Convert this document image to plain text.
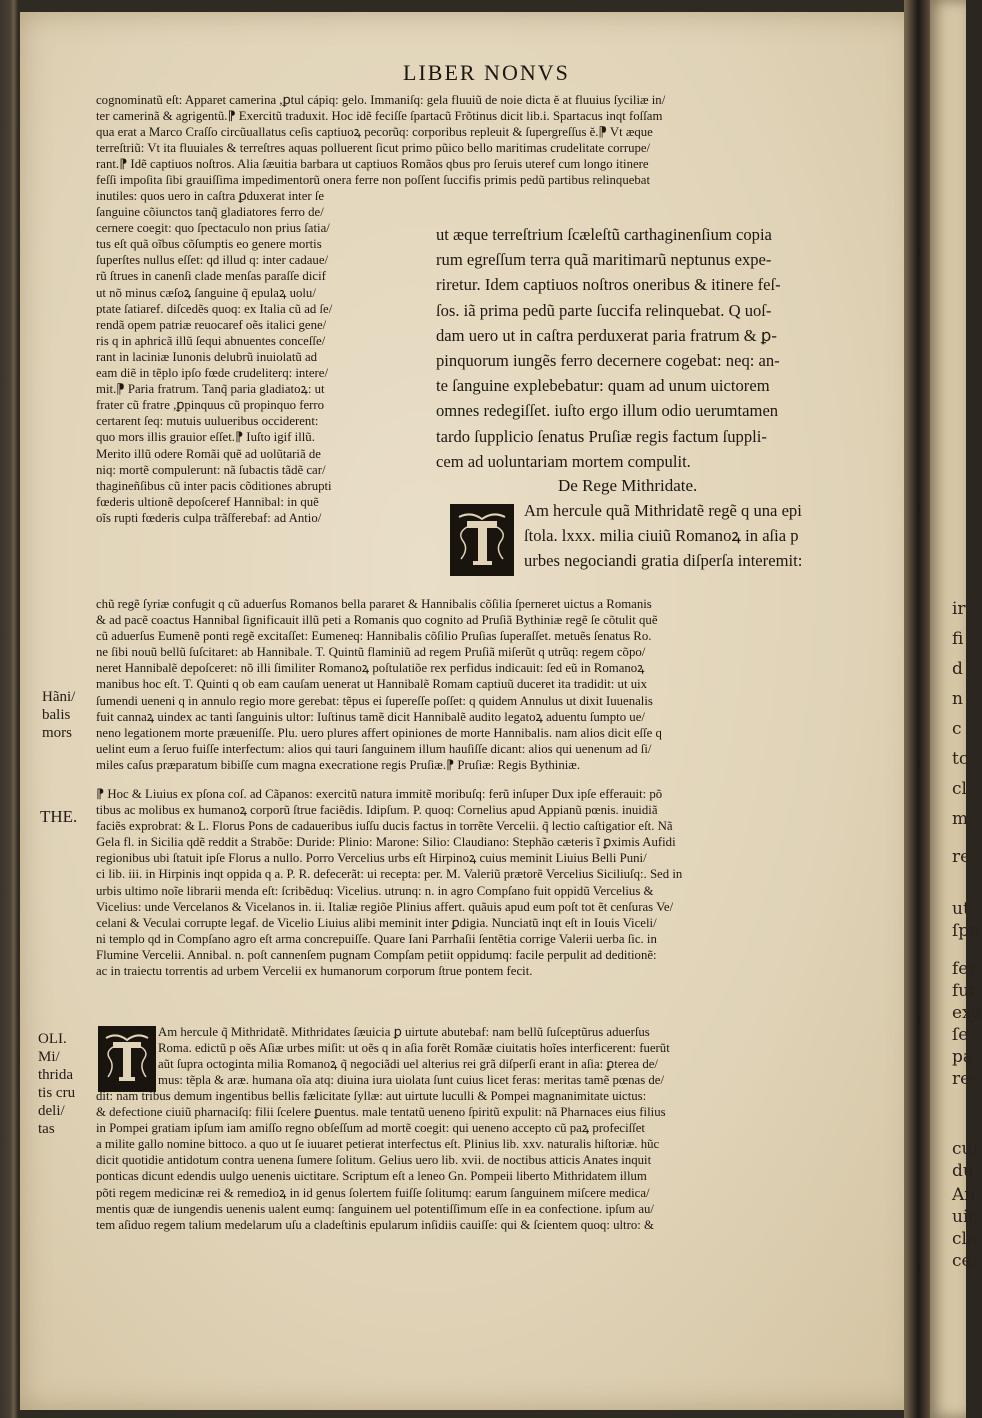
LIBER NONVS
cognominatũ eſt: Apparet camerina ,ꝑtul cápiq: gelo. Immaniſq: gela fluuiũ de noie dicta ĕ at fluuius ſyciliæ in/
ter camerinã & agrigentũ.⁋ Exercitũ traduxit. Hoc idẽ feciſſe ſpartacũ Frõtinus dicit lib.i. Spartacus inqt foſſam
qua erat a Marco Craſſo circũuallatus ceſis captiuoꝝ pecorũq: corporibus repleuit & ſupergreſſus ĕ.⁋ Vt æque
terreſtriũ: Vt ita fluuiales & terreſtres aquas polluerent ſicut primo pũico bello maritimas crudelitate corrupe/
rant.⁋ Idẽ captiuos noſtros. Alia ſæuitia barbara ut captiuos Romãos qbus pro ſeruis uteref cum longo itinere
feſſi impoſita ſibi grauiſſima impedimentorũ onera ferre non poſſent ſuccifis primis pedũ partibus relinquebat
inutiles: quos uero in caſtra ꝑduxerat inter ſe
ſanguine cõiunctos tanq̃ gladiatores ferro de/
cernere coegit: quo ſpectaculo non prius ſatia/
tus eſt quã oĩbus cõſumptis eo genere mortis
ſuperſtes nullus eſſet: qd illud q: inter cadaue/
rũ ſtrues in canenſi clade menſas paraſſe dicif
ut nõ minus cæſoꝝ ſanguine q̃ epulaꝝ uolu/
ptate ſatiaref. diſcedẽs quoq: ex Italia cũ ad ſe/
rendã opem patriæ reuocaref oẽs italici gene/
ris q in aphricã illũ ſequi abnuentes conceſſe/
rant in laciniæ Iunonis delubrũ inuiolatũ ad
eam diẽ in tẽplo ipſo fœde crudeliterq: intere/
mit.⁋ Paria fratrum. Tanq̃ paria gladiatoꝝ: ut
frater cũ fratre ,ꝑpinquus cũ propinquo ferro
certarent ſeq: mutuis uulueribus occiderent:
quo mors illis grauior eſſet.⁋ Iuſto igif illũ.
Merito illũ odere Romãi quẽ ad uolũtariã de
niq: mortẽ compulerunt: nã ſubactis tãdẽ car/
thagineñſibus cũ inter pacis cõditiones abrupti
fœderis ultionẽ depoſceref Hannibal: in quẽ
oĩs rupti fœderis culpa trãſferebaf: ad Antio/
ut æque terreſtrium ſcæleſtũ carthaginenſium copia
rum egreſſum terra quã maritimarũ neptunus expe-
riretur. Idem captiuos noſtros oneribus & itinere feſ-
ſos. iã prima pedũ parte ſuccifa relinquebat. Q uoſ-
dam uero ut in caſtra perduxerat paria fratrum & ꝑ-
pinquorum iungẽs ferro decernere cogebat: neq: an-
te ſanguine explebebatur: quam ad unum uictorem
omnes redegiſſet. iuſto ergo illum odio uerumtamen
tardo ſupplicio ſenatus Pruſiæ regis factum ſuppli-
cem ad uoluntariam mortem compulit.
De Rege Mithridate.
Am hercule quã Mithridatẽ regẽ q una epi
ſtola. lxxx. milia ciuiũ Romanoꝝ in aſia p
urbes negociandi gratia diſperſa interemit:
chũ regẽ ſyriæ confugit q cũ aduerſus Romanos bella pararet & Hannibalis cõſilia ſperneret uictus a Romanis
& ad pacẽ coactus Hannibal ſignificauit illũ peti a Romanis quo cognito ad Pruſiã Bythiniæ regẽ ſe cõtulit quẽ
cũ aduerſus Eumenẽ ponti regẽ excitaſſet: Eumeneq: Hannibalis cõſilio Pruſias ſuperaſſet. metuẽs ſenatus Ro.
ne ſibi nouũ bellũ ſuſcitaret: ab Hannibale. T. Quintũ flaminiũ ad regem Pruſiã miſerũt q utrũq: regem cõpo/
neret Hannibalẽ depoſceret: nõ illi ſimiliter Romanoꝝ poſtulatiõe rex perfidus indicauit: ſed eũ in Romanoꝝ
manibus hoc eſt. T. Quinti q ob eam cauſam uenerat ut Hannibalẽ Romam captiuũ duceret ita tradidit: ut uix
ſumendi ueneni q in annulo regio more gerebat: tẽpus ei ſupereſſe poſſet: q quidem Annulus ut dixit Iuuenalis
fuit cannaꝝ uindex ac tanti ſanguinis ultor: Iuſtinus tamẽ dicit Hannibalẽ audito legatoꝝ aduentu ſumpto ue/
neno legationem morte præueniſſe. Plu. uero plures affert opiniones de morte Hannibalis. nam alios dicit eſſe q
uelint eum a ſeruo fuiſſe interfectum: alios qui tauri ſanguinem illum hauſiſſe dicant: alios qui uenenum ad ſi/
miles caſus præparatum bibiſſe cum magna execratione regis Pruſiæ.⁋ Pruſiæ: Regis Bythiniæ.
⁋ Hoc & Liuius ex pſona coſ. ad Cãpanos: exercitũ natura immitẽ moribuſq: ferũ inſuper Dux ipſe efferauit: põ
tibus ac molibus ex humanoꝝ corporũ ſtrue faciẽdis. Idipſum. P. quoq: Cornelius apud Appianũ pœnis. inuidiã
faciẽs exprobrat: & L. Florus Pons de cadaueribus iuſſu ducis factus in torrẽte Vercelii. q̃ lectio caſtigatior eſt. Nã
Gela fl. in Sicilia qdẽ reddit a Strabõe: Duride: Plinio: Marone: Silio: Claudiano: Stephão cæteris ĩ ꝑximis Aufidi
regionibus ubi ſtatuit ipſe Florus a nullo. Porro Vercelius urbs eſt Hirpinoꝝ cuius meminit Liuius Belli Puni/
ci lib. iii. in Hirpinis inqt oppida q a. P. R. defecerãt: ui recepta: per. M. Valeriũ prætorẽ Vercelius Siciliuſq:. Sed in
urbis ultimo noĩe librarii menda eſt: ſcribẽduq: Vicelius. utrunq: n. in agro Compſano fuit oppidũ Vercelius &
Vicelius: unde Vercelanos & Vicelanos in. ii. Italiæ regiõe Plinius affert. quãuis apud eum poſt tot ẽt cenſuras Ve/
celani & Veculai corrupte legaf. de Vicelio Liuius alibi meminit inter ꝑdigia. Nunciatũ inqt eſt in Iouis Viceli/
ni templo qd in Compſano agro eſt arma concrepuiſſe. Quare Iani Parrhaſii ſentẽtia corrige Valerii uerba ſic. in
Flumine Vercelii. Annibal. n. poſt cannenſem pugnam Compſam petiit oppidumq: facile perpulit ad deditionẽ:
ac in traiectu torrentis ad urbem Vercelii ex humanorum corporum ſtrue pontem fecit.
Am hercule q̃ Mithridatẽ. Mithridates ſæuicia ꝑ uirtute abutebaf: nam bellũ ſuſceptũrus aduerſus
Roma. edictũ p oẽs Aſiæ urbes miſit: ut oẽs q in aſia forẽt Romãæ ciuitatis hoĩes interficerent: fuerũt
aũt ſupra octoginta milia Romanoꝝ q̃ negociãdi uel alterius rei grã diſperſi erant in aſia: ꝑterea de/
mus: tẽpla & aræ. humana oĩa atq: diuina iura uiolata ſunt cuius licet feras: meritas tamẽ pœnas de/
dit: nam tribus demum ingentibus bellis fælicitate ſyllæ: aut uirtute luculli & Pompei magnanimitate uictus:
& defectione ciuiũ pharnaciſq: filii ſcelere ꝑuentus. male tentatũ ueneno ſpiritũ expulit: nã Pharnaces eius filius
in Pompei gratiam ipſum iam amiſſo regno obſeſſum ad mortẽ coegit: qui ueneno accepto cũ paꝝ profeciſſet
a milite gallo nomine bittoco. a quo ut ſe iuuaret petierat interfectus eſt. Plinius lib. xxv. naturalis hiſtoriæ. hũc
dicit quotidie antidotum contra uenena ſumere ſolitum. Gelius uero lib. xvii. de noctibus atticis Anates inquit
ponticas dicunt edendis uulgo uenenis uictitare. Scriptum eſt a leneo Gn. Pompeii liberto Mithridatem illum
põti regem medicinæ rei & remedioꝝ in id genus ſolertem fuiſſe ſolitumq: earum ſanguinem miſcere medica/
mentis quæ de iungendis uenenis ualent eumq: ſanguinem uel potentiſſimum eſſe in ea confectione. ipſum au/
tem aſiduo regem talium medelarum uſu a cladeſtinis epularum inſidiis cauiſſe: qui & ſcientem quoq: ultro: &
Hãni/
balis
mors
THE.
OLI.
Mi/
thrida
tis cru
deli/
tas
ir
fi
d
n
c
tc
cl
m
re
ut
ſpa
fer
fur
exẽ
ſe
pa
re:
cui
du
An
uic
cla
cei
